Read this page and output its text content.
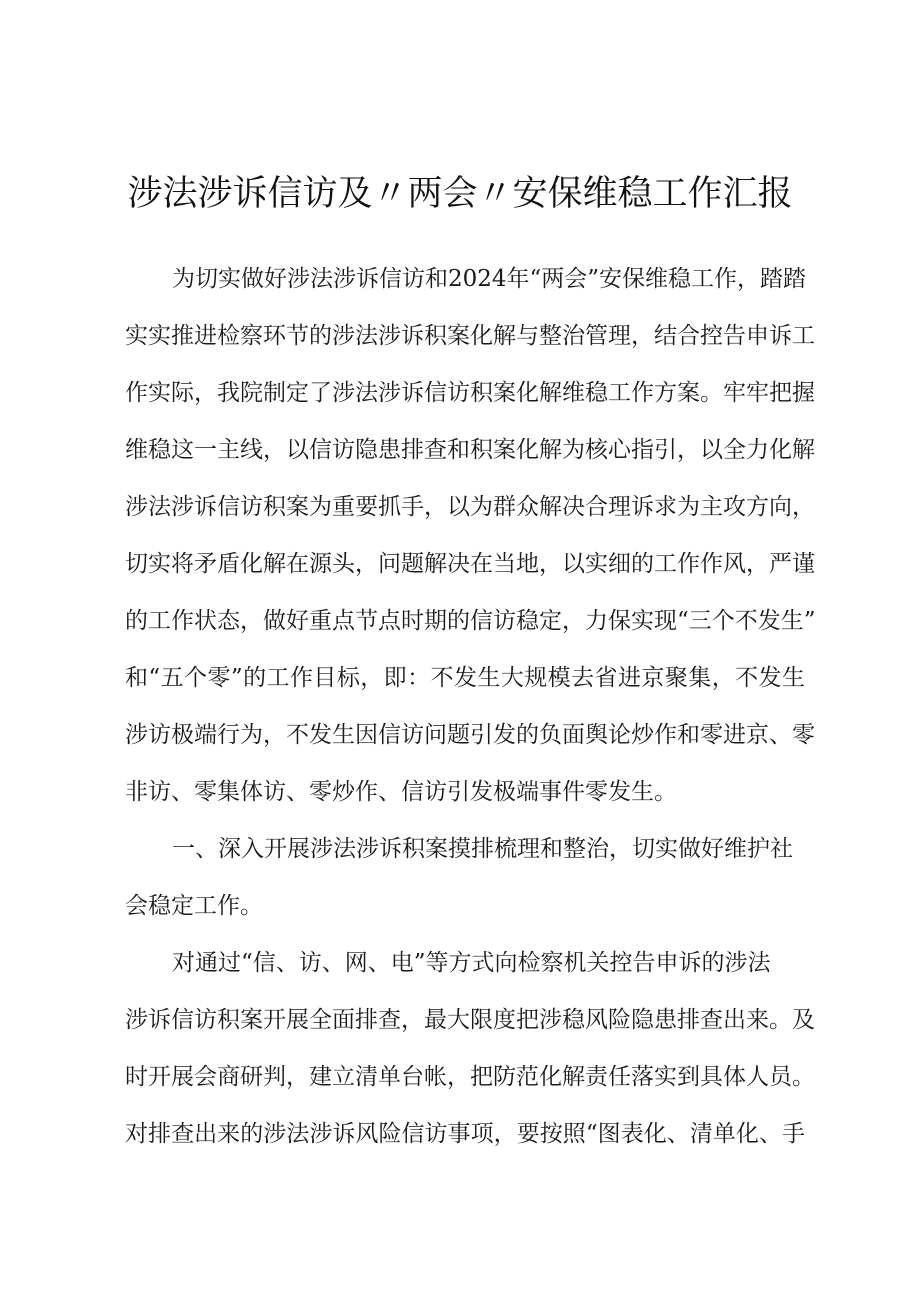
涉法涉诉信访及〃两会〃安保维稳工作汇报
为切实做好涉法涉诉信访和2024年“两会”安保维稳工作，踏踏
实实推进检察环节的涉法涉诉积案化解与整治管理，结合控告申诉工
作实际，我院制定了涉法涉诉信访积案化解维稳工作方案。牢牢把握
维稳这一主线，以信访隐患排查和积案化解为核心指引，以全力化解
涉法涉诉信访积案为重要抓手，以为群众解决合理诉求为主攻方向，
切实将矛盾化解在源头，问题解决在当地，以实细的工作作风，严谨
的工作状态，做好重点节点时期的信访稳定，力保实现“三个不发生”
和“五个零”的工作目标，即：不发生大规模去省进京聚集，不发生
涉访极端行为，不发生因信访问题引发的负面舆论炒作和零进京、零
非访、零集体访、零炒作、信访引发极端事件零发生。
一、深入开展涉法涉诉积案摸排梳理和整治，切实做好维护社
会稳定工作。
对通过“信、访、网、电”等方式向检察机关控告申诉的涉法
涉诉信访积案开展全面排查，最大限度把涉稳风险隐患排查出来。及
时开展会商研判，建立清单台帐，把防范化解责任落实到具体人员。
对排查出来的涉法涉诉风险信访事项，要按照“图表化、清单化、手
